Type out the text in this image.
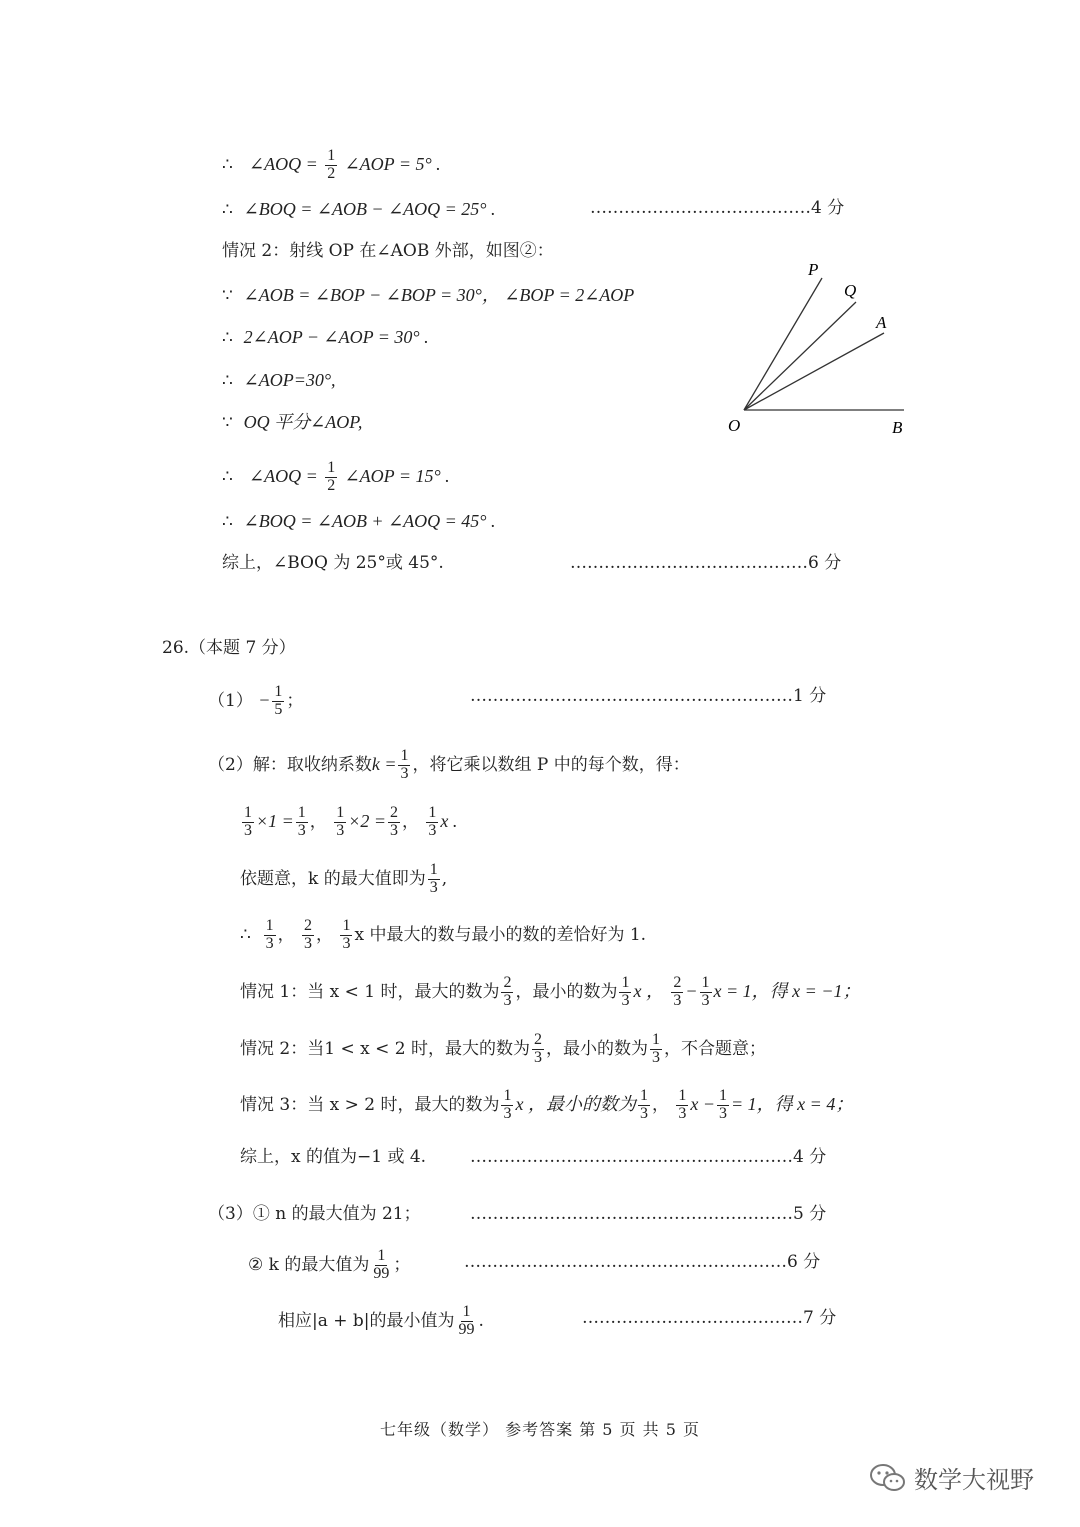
∴ ∠AOQ = $\frac{1}{2}$ ∠AOP = 5° .
∴ ∠BOQ = ∠AOB − ∠AOQ = 25° .	…………………………………4 分
情况 2：射线 OP 在∠AOB 外部，如图②：
∵ ∠AOB = ∠BOP − ∠BOP = 30°， ∠BOP = 2∠AOP
∴ 2∠AOP − ∠AOP = 30° .
∴ ∠AOP=30°,
∵ OQ 平分∠AOP,
∴ ∠AOQ = $\frac{1}{2}$ ∠AOP = 15° .
∴ ∠BOQ = ∠AOB + ∠AOQ = 45° .
综上，∠BOQ 为 25°或 45°.	……………………………………6 分
P
Q
A
O	B
26.（本题 7 分）
$(1) - \frac{1}{5}$ ；	…………………………………………………1 分
（2）解：取收纳系数$k = \frac{1}{3}$ ，将它乘以数组 P 中的每个数，得：
$\frac{1}{3} \times 1 = \frac{1}{3}$ ， $\frac{1}{3} \times 2 = \frac{2}{3}$ ， $\frac{1}{3}$ x .
依题意，k 的最大值即为 $\frac{1}{3}$ ,
∴ $\frac{1}{3}$ ， $\frac{2}{3}$ ， $\frac{1}{3}$ x 中最大的数与最小的数的差恰好为 1.
情况 1：当 x < 1 时，最大的数为 $\frac{2}{3}$ ，最小的数为 $\frac{1}{3}$ x ， $\frac{2}{3} - \frac{1}{3}$ x = 1，得 x = −1；
情况 2：当1 < x < 2 时，最大的数为 $\frac{2}{3}$ ，最小的数为 $\frac{1}{3}$ ，不合题意；
情况 3：当 x > 2 时，最大的数为 $\frac{1}{3}$ x ，最小的数为 $\frac{1}{3}$ ， $\frac{1}{3}$ $x - \frac{1}{3} = 1$，得 x = 4；
综上，x 的值为−1 或 4.	…………………………………………………4 分
（3）① n 的最大值为 21；	…………………………………………………5 分
② k 的最大值为 $\frac{1}{99}$ ；	…………………………………………………6 分
相应|a + b|的最小值为 $\frac{1}{99}$ .	…………………………………7 分
七年级（数学） 参考答案 第 5 页 共 5 页
数学大视野
